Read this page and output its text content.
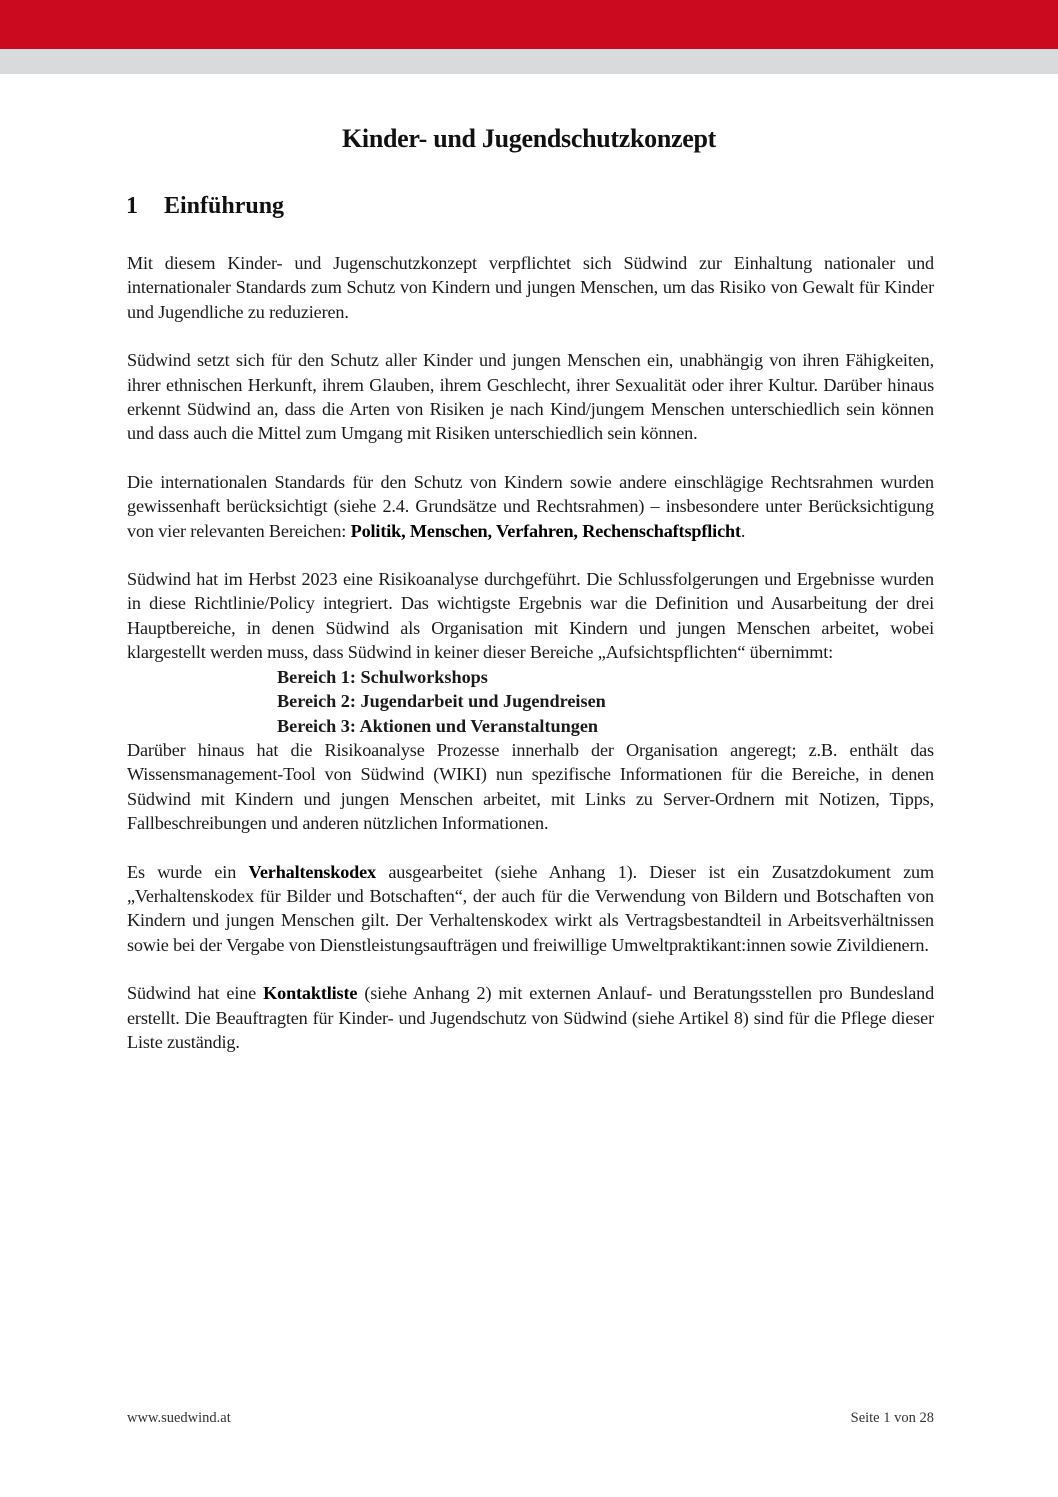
Kinder- und Jugendschutzkonzept
1 Einführung

Mit diesem Kinder- und Jugenschutzkonzept verpflichtet sich Südwind zur Einhaltung nationaler und internationaler Standards zum Schutz von Kindern und jungen Menschen, um das Risiko von Gewalt für Kinder und Jugendliche zu reduzieren.

Südwind setzt sich für den Schutz aller Kinder und jungen Menschen ein, unabhängig von ihren Fähigkeiten, ihrer ethnischen Herkunft, ihrem Glauben, ihrem Geschlecht, ihrer Sexualität oder ihrer Kultur. Darüber hinaus erkennt Südwind an, dass die Arten von Risiken je nach Kind/jungem Menschen unterschiedlich sein können und dass auch die Mittel zum Umgang mit Risiken unterschiedlich sein können.

Die internationalen Standards für den Schutz von Kindern sowie andere einschlägige Rechtsrahmen wurden gewissenhaft berücksichtigt (siehe 2.4. Grundsätze und Rechtsrahmen) – insbesondere unter Berücksichtigung von vier relevanten Bereichen: Politik, Menschen, Verfahren, Rechenschaftspflicht.

Südwind hat im Herbst 2023 eine Risikoanalyse durchgeführt. Die Schlussfolgerungen und Ergebnisse wurden in diese Richtlinie/Policy integriert. Das wichtigste Ergebnis war die Definition und Ausarbeitung der drei Hauptbereiche, in denen Südwind als Organisation mit Kindern und jungen Menschen arbeitet, wobei klargestellt werden muss, dass Südwind in keiner dieser Bereiche „Aufsichtspflichten“ übernimmt:

Bereich 1: Schulworkshops
Bereich 2: Jugendarbeit und Jugendreisen
Bereich 3: Aktionen und Veranstaltungen

Darüber hinaus hat die Risikoanalyse Prozesse innerhalb der Organisation angeregt; z.B. enthält das Wissensmanagement-Tool von Südwind (WIKI) nun spezifische Informationen für die Bereiche, in denen Südwind mit Kindern und jungen Menschen arbeitet, mit Links zu Server-Ordnern mit Notizen, Tipps, Fallbeschreibungen und anderen nützlichen Informationen.

Es wurde ein Verhaltenskodex ausgearbeitet (siehe Anhang 1). Dieser ist ein Zusatzdokument zum „Verhaltenskodex für Bilder und Botschaften“, der auch für die Verwendung von Bildern und Botschaften von Kindern und jungen Menschen gilt. Der Verhaltenskodex wirkt als Vertragsbestandteil in Arbeitsverhältnissen sowie bei der Vergabe von Dienstleistungsaufträgen und freiwillige Umweltpraktikant:innen sowie Zivildienern.

Südwind hat eine Kontaktliste (siehe Anhang 2) mit externen Anlauf- und Beratungsstellen pro Bundesland erstellt. Die Beauftragten für Kinder- und Jugendschutz von Südwind (siehe Artikel 8) sind für die Pflege dieser Liste zuständig.

www.suedwind.at	Seite 1 von 28
